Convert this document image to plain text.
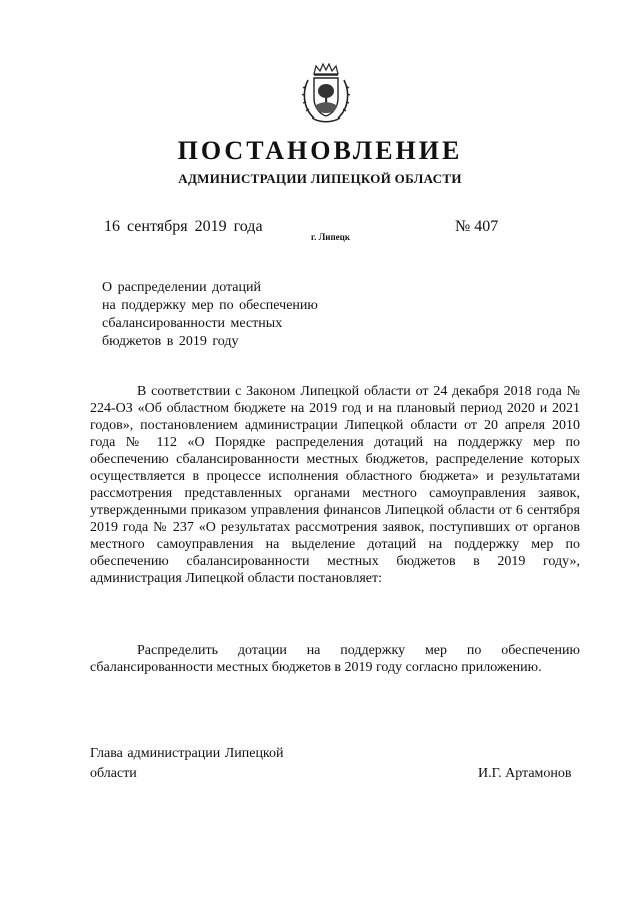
ПОСТАНОВЛЕНИЕ
АДМИНИСТРАЦИИ ЛИПЕЦКОЙ ОБЛАСТИ
16 сентября 2019 года
г. Липецк
№ 407
О распределении дотаций
на поддержку мер по обеспечению
сбалансированности местных
бюджетов в 2019 году

В соответствии с Законом Липецкой области от 24 декабря 2018 года № 224-ОЗ «Об областном бюджете на 2019 год и на плановый период 2020 и 2021 годов», постановлением администрации Липецкой области от 20 апреля 2010 года № 112 «О Порядке распределения дотаций на поддержку мер по обеспечению сбалансированности местных бюджетов, распределение которых осуществляется в процессе исполнения областного бюджета» и результатами рассмотрения представленных органами местного самоуправления заявок, утвержденными приказом управления финансов Липецкой области от 6 сентября 2019 года № 237 «О результатах рассмотрения заявок, поступивших от органов местного самоуправления на выделение дотаций на поддержку мер по обеспечению сбалансированности местных бюджетов в 2019 году», администрация Липецкой области постановляет:

Распределить дотации на поддержку мер по обеспечению сбалансированности местных бюджетов в 2019 году согласно приложению.

Глава администрации Липецкой
области	И.Г. Артамонов
